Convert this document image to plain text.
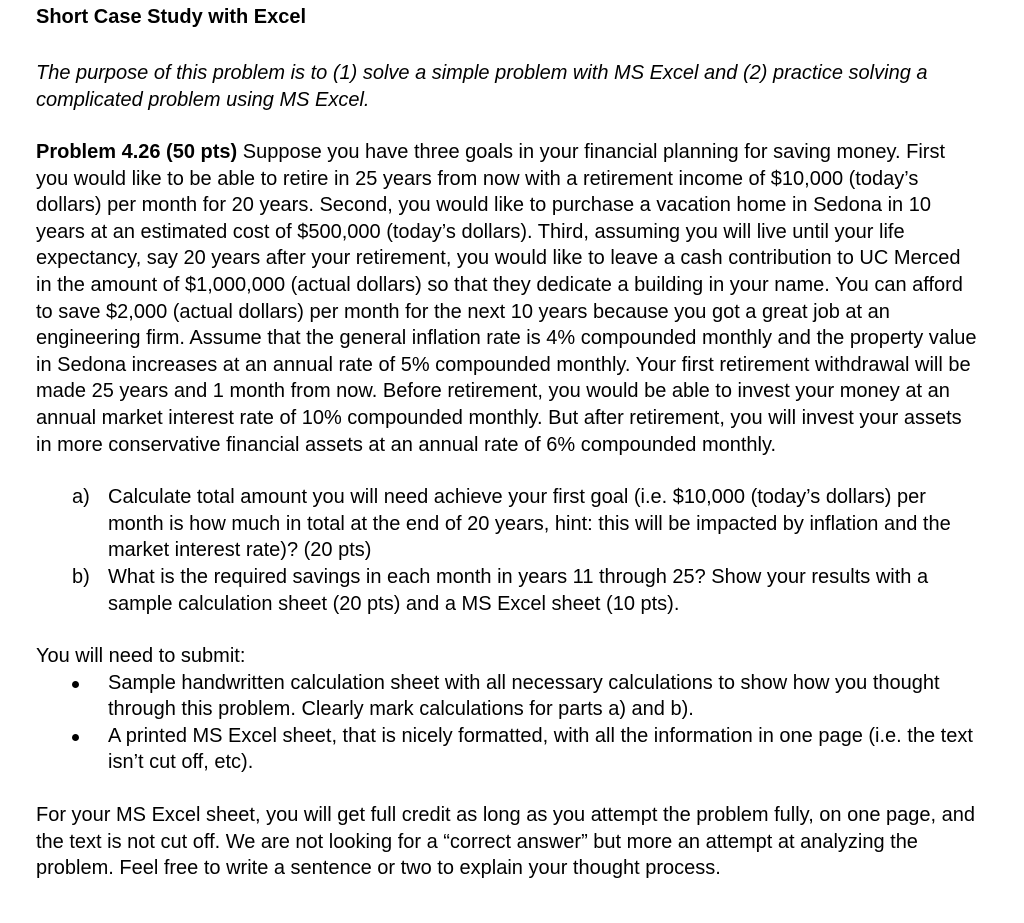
Short Case Study with Excel

The purpose of this problem is to (1) solve a simple problem with MS Excel and (2) practice solving a complicated problem using MS Excel.

Problem 4.26 (50 pts) Suppose you have three goals in your financial planning for saving money. First you would like to be able to retire in 25 years from now with a retirement income of $10,000 (today’s dollars) per month for 20 years. Second, you would like to purchase a vacation home in Sedona in 10 years at an estimated cost of $500,000 (today’s dollars). Third, assuming you will live until your life expectancy, say 20 years after your retirement, you would like to leave a cash contribution to UC Merced in the amount of $1,000,000 (actual dollars) so that they dedicate a building in your name. You can afford to save $2,000 (actual dollars) per month for the next 10 years because you got a great job at an engineering firm. Assume that the general inflation rate is 4% compounded monthly and the property value in Sedona increases at an annual rate of 5% compounded monthly. Your first retirement withdrawal will be made 25 years and 1 month from now. Before retirement, you would be able to invest your money at an annual market interest rate of 10% compounded monthly. But after retirement, you will invest your assets in more conservative financial assets at an annual rate of 6% compounded monthly.

a) Calculate total amount you will need achieve your first goal (i.e. $10,000 (today’s dollars) per month is how much in total at the end of 20 years, hint: this will be impacted by inflation and the market interest rate)? (20 pts)
b) What is the required savings in each month in years 11 through 25? Show your results with a sample calculation sheet (20 pts) and a MS Excel sheet (10 pts).

You will need to submit:

Sample handwritten calculation sheet with all necessary calculations to show how you thought through this problem. Clearly mark calculations for parts a) and b).
A printed MS Excel sheet, that is nicely formatted, with all the information in one page (i.e. the text isn’t cut off, etc).

For your MS Excel sheet, you will get full credit as long as you attempt the problem fully, on one page, and the text is not cut off. We are not looking for a “correct answer” but more an attempt at analyzing the problem. Feel free to write a sentence or two to explain your thought process.
